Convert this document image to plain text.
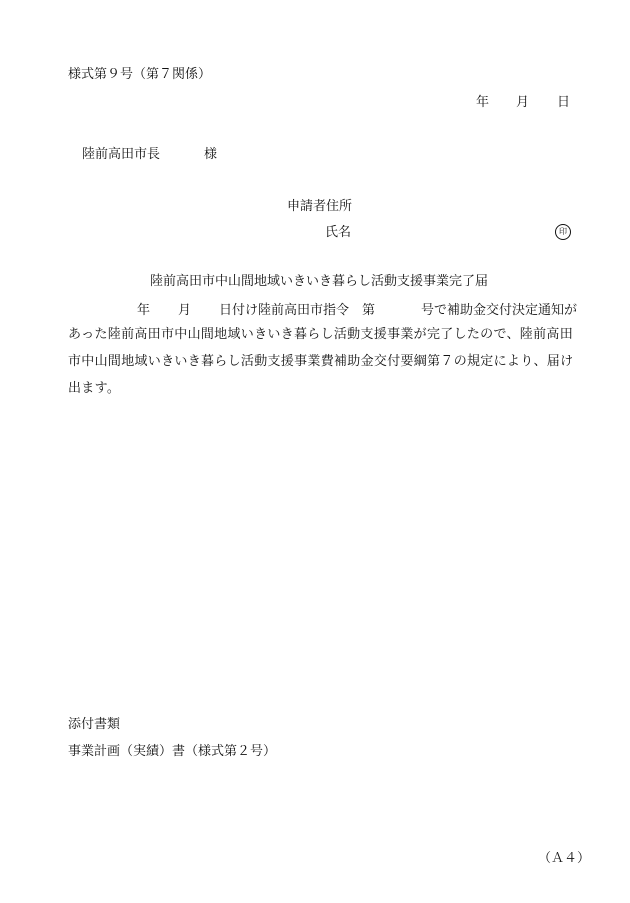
様式第９号（第７関係）
年 月 日
陸前高田市長	様
申請者住所
氏名	印
陸前高田市中山間地域いきいき暮らし活動支援事業完了届
年 月 日付け陸前高田市指令　第	号で補助金交付決定通知が
あった陸前高田市中山間地域いきいき暮らし活動支援事業が完了したので、陸前高田
市中山間地域いきいき暮らし活動支援事業費補助金交付要綱第７の規定により、届け
出ます。
添付書類
事業計画（実績）書（様式第２号）
（Ａ４）
